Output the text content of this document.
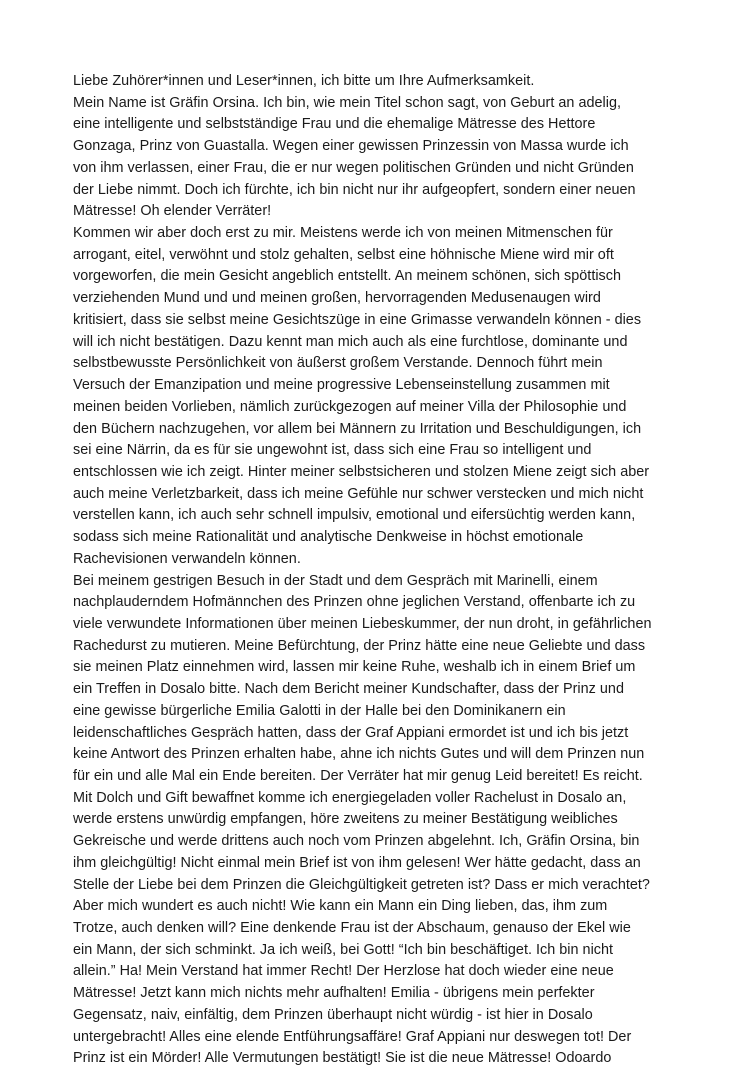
Liebe Zuhörer*innen und Leser*innen, ich bitte um Ihre Aufmerksamkeit.
Mein Name ist Gräfin Orsina. Ich bin, wie mein Titel schon sagt, von Geburt an adelig,
eine intelligente und selbstständige Frau und die ehemalige Mätresse des Hettore
Gonzaga, Prinz von Guastalla. Wegen einer gewissen Prinzessin von Massa wurde ich
von ihm verlassen, einer Frau, die er nur wegen politischen Gründen und nicht Gründen
der Liebe nimmt. Doch ich fürchte, ich bin nicht nur ihr aufgeopfert, sondern einer neuen
Mätresse! Oh elender Verräter!
Kommen wir aber doch erst zu mir. Meistens werde ich von meinen Mitmenschen für
arrogant, eitel, verwöhnt und stolz gehalten, selbst eine höhnische Miene wird mir oft
vorgeworfen, die mein Gesicht angeblich entstellt. An meinem schönen, sich spöttisch
verziehenden Mund und und meinen großen, hervorragenden Medusenaugen wird
kritisiert, dass sie selbst meine Gesichtszüge in eine Grimasse verwandeln können - dies
will ich nicht bestätigen. Dazu kennt man mich auch als eine furchtlose, dominante und
selbstbewusste Persönlichkeit von äußerst großem Verstande. Dennoch führt mein
Versuch der Emanzipation und meine progressive Lebenseinstellung zusammen mit
meinen beiden Vorlieben, nämlich zurückgezogen auf meiner Villa der Philosophie und
den Büchern nachzugehen, vor allem bei Männern zu Irritation und Beschuldigungen, ich
sei eine Närrin, da es für sie ungewohnt ist, dass sich eine Frau so intelligent und
entschlossen wie ich zeigt. Hinter meiner selbstsicheren und stolzen Miene zeigt sich aber
auch meine Verletzbarkeit, dass ich meine Gefühle nur schwer verstecken und mich nicht
verstellen kann, ich auch sehr schnell impulsiv, emotional und eifersüchtig werden kann,
sodass sich meine Rationalität und analytische Denkweise in höchst emotionale
Rachevisionen verwandeln können.
Bei meinem gestrigen Besuch in der Stadt und dem Gespräch mit Marinelli, einem
nachplauderndem Hofmännchen des Prinzen ohne jeglichen Verstand, offenbarte ich zu
viele verwundete Informationen über meinen Liebeskummer, der nun droht, in gefährlichen
Rachedurst zu mutieren. Meine Befürchtung, der Prinz hätte eine neue Geliebte und dass
sie meinen Platz einnehmen wird, lassen mir keine Ruhe, weshalb ich in einem Brief um
ein Treffen in Dosalo bitte. Nach dem Bericht meiner Kundschafter, dass der Prinz und
eine gewisse bürgerliche Emilia Galotti in der Halle bei den Dominikanern ein
leidenschaftliches Gespräch hatten, dass der Graf Appiani ermordet ist und ich bis jetzt
keine Antwort des Prinzen erhalten habe, ahne ich nichts Gutes und will dem Prinzen nun
für ein und alle Mal ein Ende bereiten. Der Verräter hat mir genug Leid bereitet! Es reicht.
Mit Dolch und Gift bewaffnet komme ich energiegeladen voller Rachelust in Dosalo an,
werde erstens unwürdig empfangen, höre zweitens zu meiner Bestätigung weibliches
Gekreische und werde drittens auch noch vom Prinzen abgelehnt. Ich, Gräfin Orsina, bin
ihm gleichgültig! Nicht einmal mein Brief ist von ihm gelesen! Wer hätte gedacht, dass an
Stelle der Liebe bei dem Prinzen die Gleichgültigkeit getreten ist? Dass er mich verachtet?
Aber mich wundert es auch nicht! Wie kann ein Mann ein Ding lieben, das, ihm zum
Trotze, auch denken will? Eine denkende Frau ist der Abschaum, genauso der Ekel wie
ein Mann, der sich schminkt. Ja ich weiß, bei Gott! “Ich bin beschäftiget. Ich bin nicht
allein.” Ha! Mein Verstand hat immer Recht! Der Herzlose hat doch wieder eine neue
Mätresse! Jetzt kann mich nichts mehr aufhalten! Emilia - übrigens mein perfekter
Gegensatz, naiv, einfältig, dem Prinzen überhaupt nicht würdig - ist hier in Dosalo
untergebracht! Alles eine elende Entführungsaffäre! Graf Appiani nur deswegen tot! Der
Prinz ist ein Mörder! Alle Vermutungen bestätigt! Sie ist die neue Mätresse! Odoardo
